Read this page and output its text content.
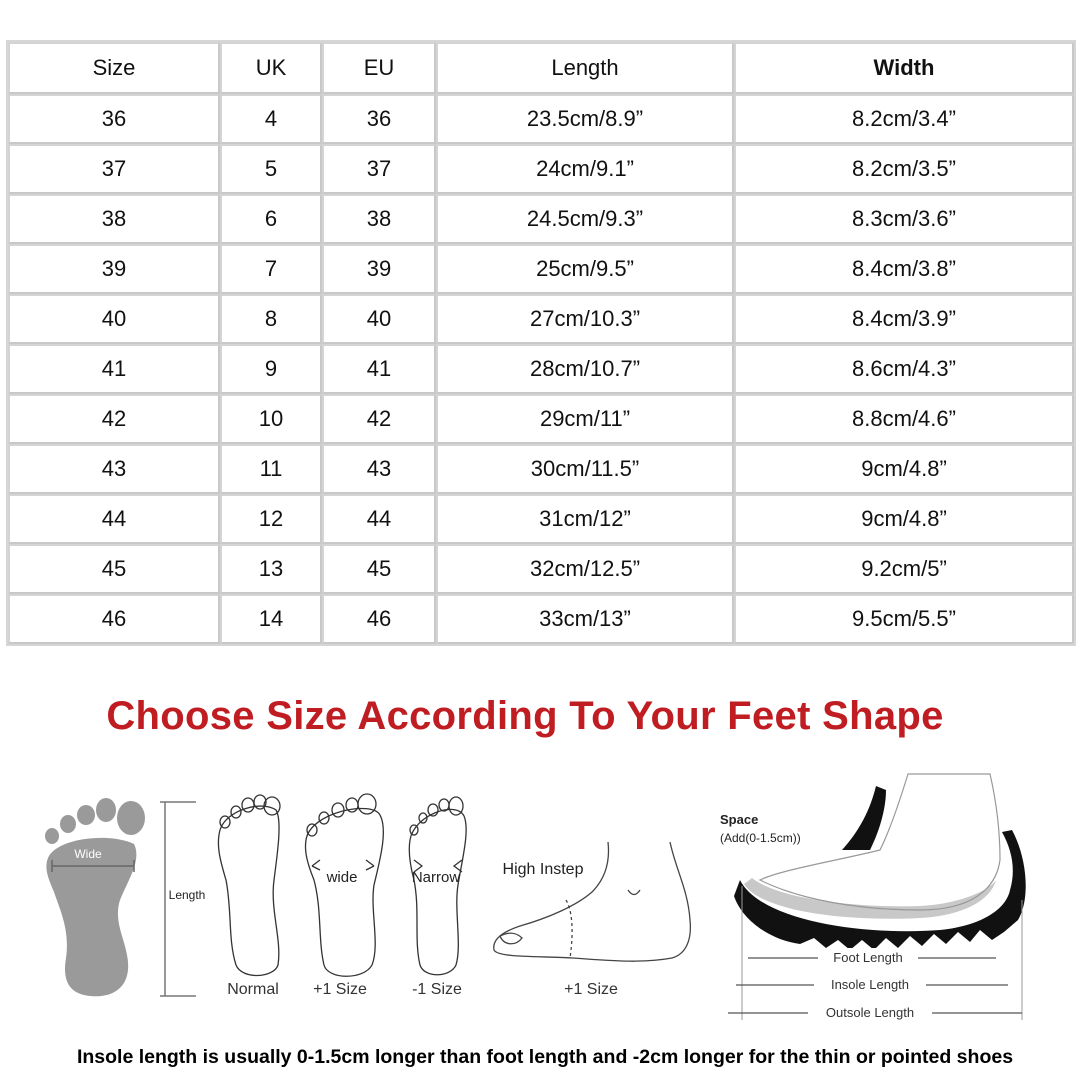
Size	UK	EU	Length	Width
36	4	36	23.5cm/8.9”	8.2cm/3.4”
37	5	37	24cm/9.1”	8.2cm/3.5”
38	6	38	24.5cm/9.3”	8.3cm/3.6”
39	7	39	25cm/9.5”	8.4cm/3.8”
40	8	40	27cm/10.3”	8.4cm/3.9”
41	9	41	28cm/10.7”	8.6cm/4.3”
42	10	42	29cm/11”	8.8cm/4.6”
43	11	43	30cm/11.5”	9cm/4.8”
44	12	44	31cm/12”	9cm/4.8”
45	13	45	32cm/12.5”	9.2cm/5”
46	14	46	33cm/13”	9.5cm/5.5”
Choose Size According To Your Feet Shape
Wide
Length
Normal
wide
+1 Size
Narrow
-1 Size
High Instep
+1 Size
Space
(Add(0-1.5cm))
Foot Length
Insole Length
Outsole Length
Insole length is usually 0-1.5cm longer than foot length and -2cm longer for the thin or pointed shoes
